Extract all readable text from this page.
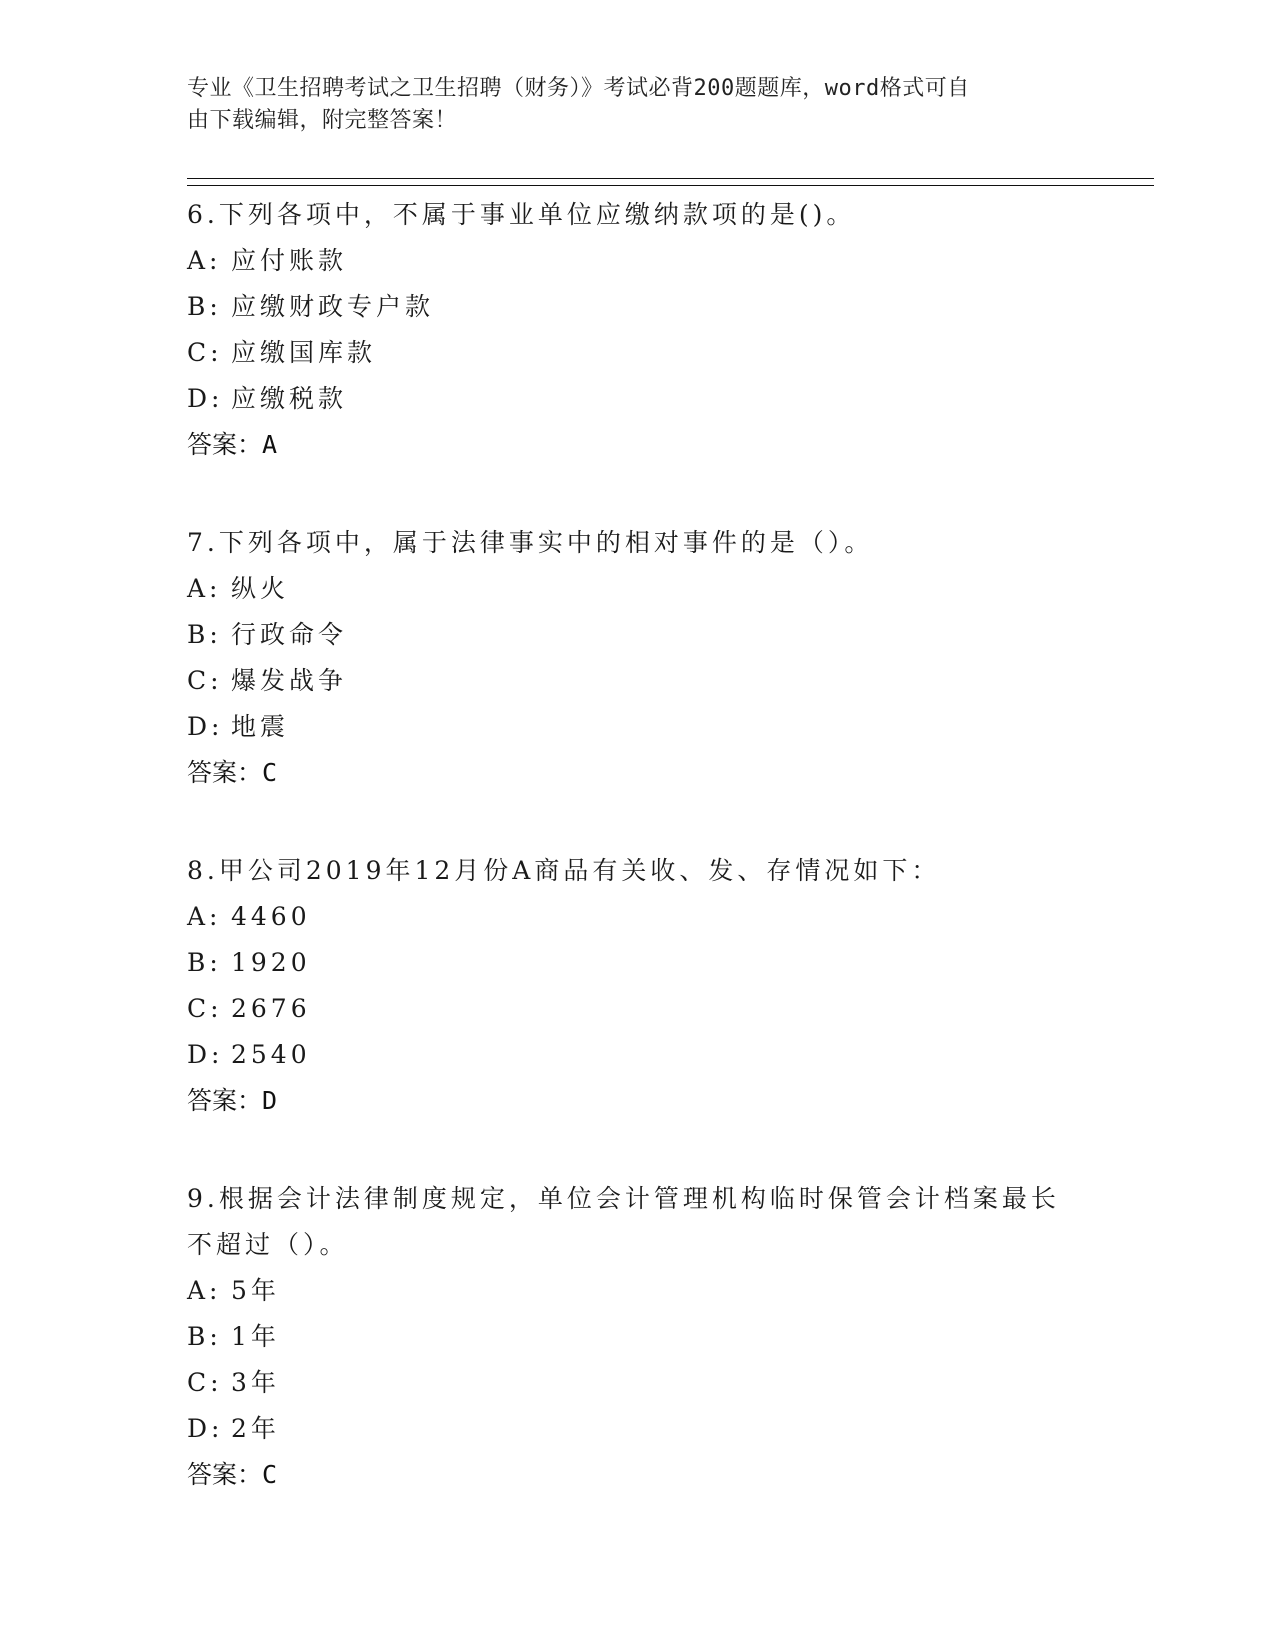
专业《卫生招聘考试之卫生招聘（财务）》考试必背200题题库，word格式可自
由下载编辑，附完整答案！
6.下列各项中，不属于事业单位应缴纳款项的是()。
A: 应付账款
B: 应缴财政专户款
C: 应缴国库款
D: 应缴税款
答案：A
7.下列各项中，属于法律事实中的相对事件的是（）。
A: 纵火
B: 行政命令
C: 爆发战争
D: 地震
答案：C
8.甲公司2019年12月份A商品有关收、发、存情况如下：
A: 4460
B: 1920
C: 2676
D: 2540
答案：D
9.根据会计法律制度规定，单位会计管理机构临时保管会计档案最长不超过（）。
A: 5年
B: 1年
C: 3年
D: 2年
答案：C
